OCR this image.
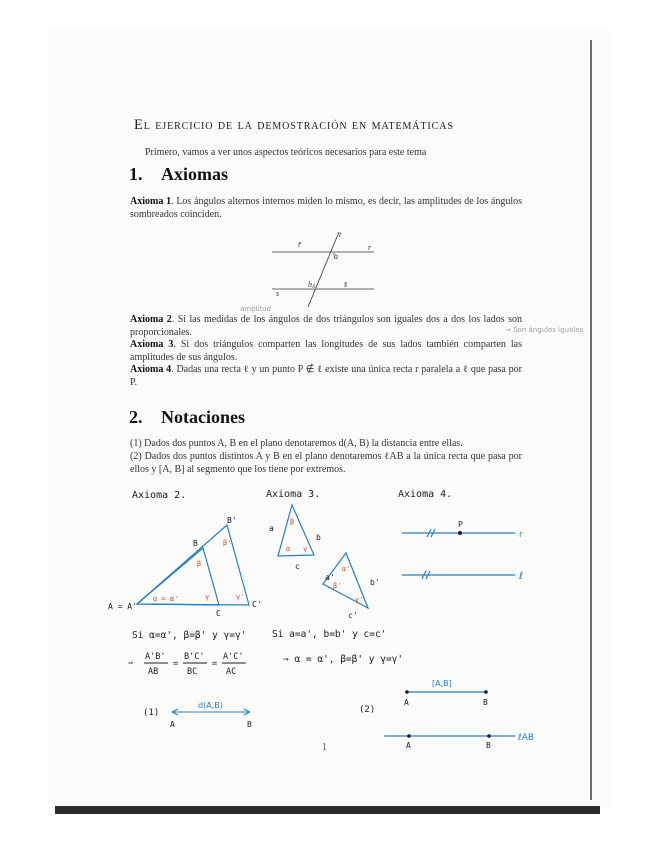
El ejercicio de la demostración en matemáticas
Primero, vamos a ver unos aspectos teóricos necesarios para este tema
1. Axiomas
Axioma 1. Los ángulos alternos internos miden lo mismo, es decir, las amplitudes de los ángulos sombreados coinciden.
Axioma 2. Si las medidas de los ángulos de dos triángulos son iguales dos a dos los lados son proporcionales.
Axioma 3. Si dos triángulos comparten las longitudes de sus lados también comparten las amplitudes de sus ángulos.
Axioma 4. Dadas una recta ℓ y un punto P ∉ ℓ existe una única recta r paralela a ℓ que pasa por P.
amplitud
→ Son ángulos iguales
2. Notaciones
(1) Dados dos puntos A, B en el plano denotaremos d(A, B) la distancia entre ellas.
(2) Dados dos puntos distintos A y B en el plano denotaremos ℓAB a la única recta que pasa por ellos y [A, B] al segmento que los tiene por extremos.
1
t
r
r̄
a
b	s̄
s
Axioma 2.	Axioma 3.	Axioma 4.
A = A'
B
B'
C
C'
α = α'
β
β'
γ	γ'
Si α=α', β=β' y γ=γ'
⇒
A'B'
AB
=
B'C'
BC
=
A'C'
AC
a
b
c
α
β
γ
a'
b'
c'
α'
β'
γ'
Si a=a', b=b' y c=c'
⇒ α = α', β=β' y γ=γ'
P
r
ℓ
(1)
d(A,B)
A	B
(2)
[A,B]
A	B
A	B
ℓAB
